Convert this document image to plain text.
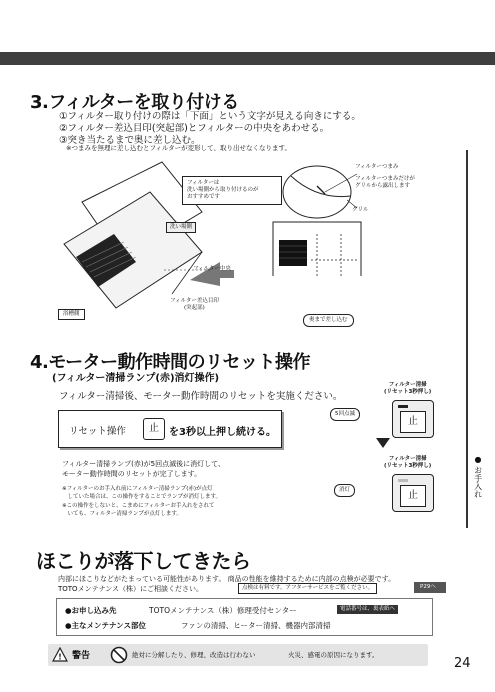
3.フィルターを取り付ける
①フィルター取り付けの際は「下面」という文字が見える向きにする。
②フィルター差込目印(突起部)とフィルターの中央をあわせる。
③突き当たるまで奥に差し込む。
※つまみを無理に差し込むとフィルターが変形して、取り出せなくなります。
フィルターは
洗い場側から取り付けるのが
おすすめです
洗い場側
フィルター中央
フィルター差込目印
(突起部)
浴槽側
フィルターつまみ
フィルターつまみだけが
グリルから露出します
グリル
奥まで差し込む
4.モーター動作時間のリセット操作
(フィルター清掃ランプ(赤)消灯操作)
フィルター清掃後、モーター動作時間のリセットを実施ください。
リセット操作	止	を3秒以上押し続ける。
フィルター清掃ランプ(赤)が5回点滅後に消灯して、
モーター動作時間のリセットが完了します。
※フィルターのお手入れ前にフィルター清掃ランプ(赤)が点灯
　していた場合は、この操作をすることでランプが消灯します。
※この操作をしないと、こまめにフィルターお手入れをされて
　いても、フィルター清掃ランプが点灯します。
フィルター清掃
(リセット3秒押し)
止
5回点滅
フィルター清掃
(リセット3秒押し)
止
消灯
●
お手入れ
ほこりが落下してきたら
内部にほこりなどがたまっている可能性があります。 商品の性能を維持するために内部の点検が必要です。
TOTOメンテナンス（株）にご相談ください。	点検は有料です。アフターサービスをご覧ください。	P29へ
●お申し込み先	TOTOメンテナンス（株）修理受付センター	電話番号は、裏表紙へ
●主なメンテナンス部位	ファンの清掃、ヒーター清掃、機器内部清掃
! 警告	絶対に分解したり、修理、改造は行わない	火災、感電の原因になります。
24
